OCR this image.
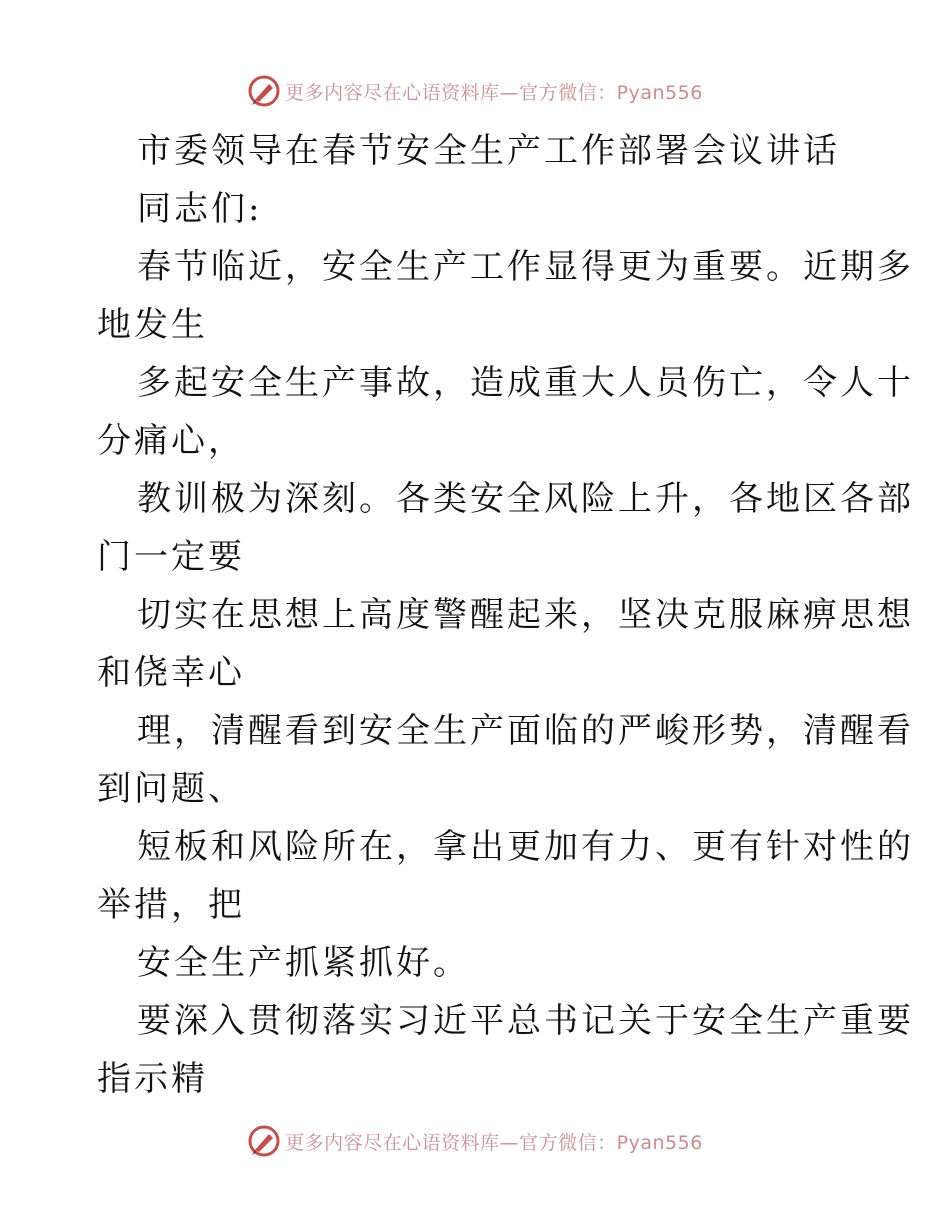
更多内容尽在心语资料库—官方微信：Pyan556
市委领导在春节安全生产工作部署会议讲话
同志们:
春节临近，安全生产工作显得更为重要。近期多
地发生
多起安全生产事故，造成重大人员伤亡，令人十
分痛心，
教训极为深刻。各类安全风险上升，各地区各部
门一定要
切实在思想上高度警醒起来，坚决克服麻痹思想
和侥幸心
理，清醒看到安全生产面临的严峻形势，清醒看
到问题、
短板和风险所在，拿出更加有力、更有针对性的
举措，把
安全生产抓紧抓好。
要深入贯彻落实习近平总书记关于安全生产重要
指示精
更多内容尽在心语资料库—官方微信：Pyan556
